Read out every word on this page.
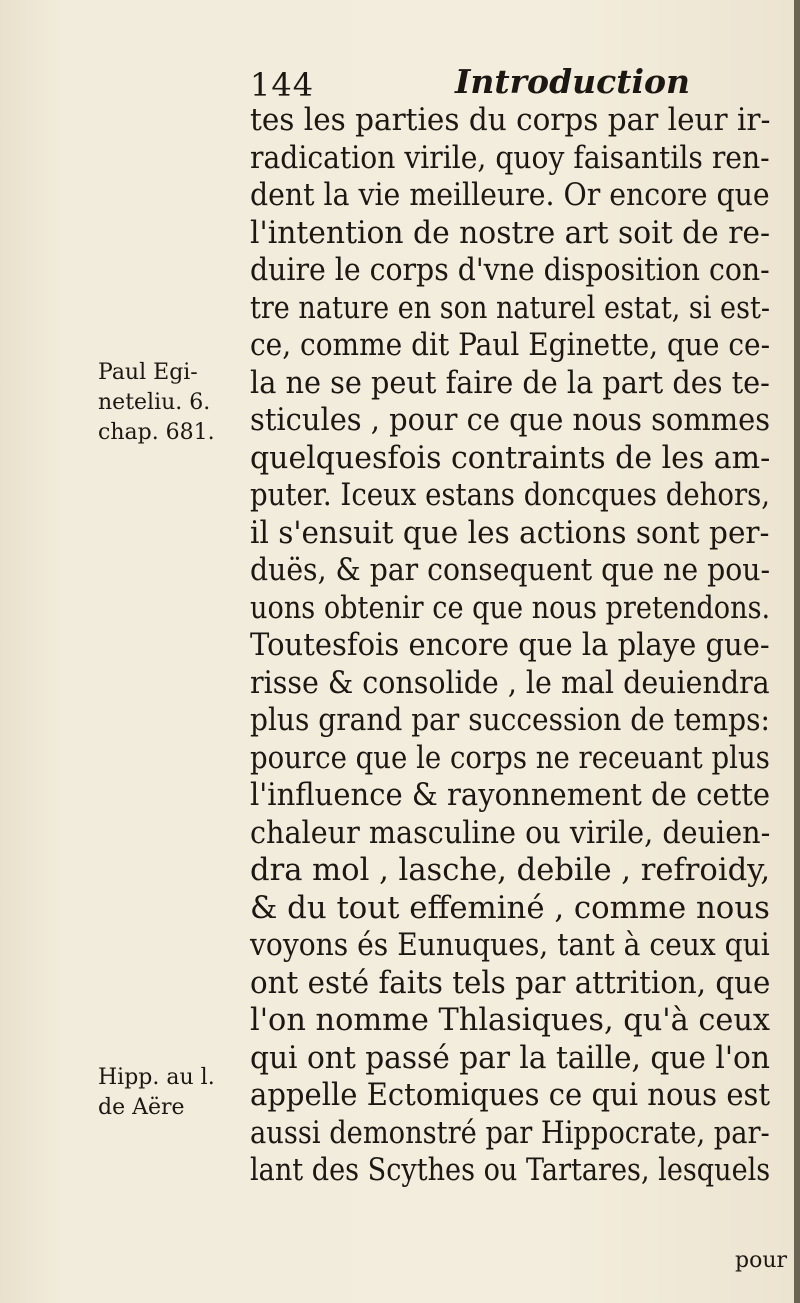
144	Introduction
Paul Egi-
neteliu. 6.
chap. 681.
Hipp. au l.
de Aëre
tes les parties du corps par leur ir-
radication virile, quoy faisantils ren-
dent la vie meilleure. Or encore que
l'intention de nostre art soit de re-
duire le corps d'vne disposition con-
tre nature en son naturel estat, si est-
ce, comme dit Paul Eginette, que ce-
la ne se peut faire de la part des te-
sticules , pour ce que nous sommes
quelquesfois contraints de les am-
puter. Iceux estans doncques dehors,
il s'ensuit que les actions sont per-
duës, & par consequent que ne pou-
uons obtenir ce que nous pretendons.
Toutesfois encore que la playe gue-
risse & consolide , le mal deuiendra
plus grand par succession de temps:
pource que le corps ne receuant plus
l'influence & rayonnement de cette
chaleur masculine ou virile, deuien-
dra mol , lasche, debile , refroidy,
& du tout effeminé , comme nous
voyons és Eunuques, tant à ceux qui
ont esté faits tels par attrition, que
l'on nomme Thlasiques, qu'à ceux
qui ont passé par la taille, que l'on
appelle Ectomiques ce qui nous est
aussi demonstré par Hippocrate, par-
lant des Scythes ou Tartares, lesquels
pour
